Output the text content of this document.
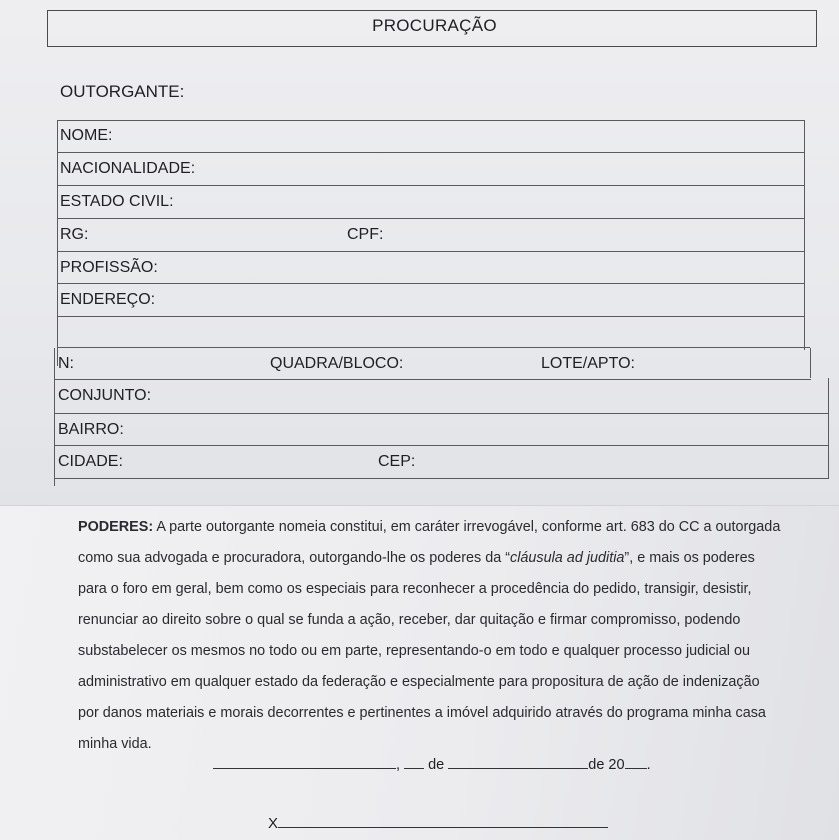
PROCURAÇÃO
OUTORGANTE:
NOME:
NACIONALIDADE:
ESTADO CIVIL:
RG:	CPF:
PROFISSÃO:
ENDEREÇO:
N:	QUADRA/BLOCO:	LOTE/APTO:
CONJUNTO:
BAIRRO:
CIDADE:	CEP:
PODERES: A parte outorgante nomeia constitui, em caráter irrevogável, conforme art. 683 do CC a outorgada
como sua advogada e procuradora, outorgando-lhe os poderes da “cláusula ad juditia”, e mais os poderes
para o foro em geral, bem como os especiais para reconhecer a procedência do pedido, transigir, desistir,
renunciar ao direito sobre o qual se funda a ação, receber, dar quitação e firmar compromisso, podendo
substabelecer os mesmos no todo ou em parte, representando-o em todo e qualquer processo judicial ou
administrativo em qualquer estado da federação e especialmente para propositura de ação de indenização
por danos materiais e morais decorrentes e pertinentes a imóvel adquirido através do programa minha casa
minha vida.
, de	de 20 .
X
